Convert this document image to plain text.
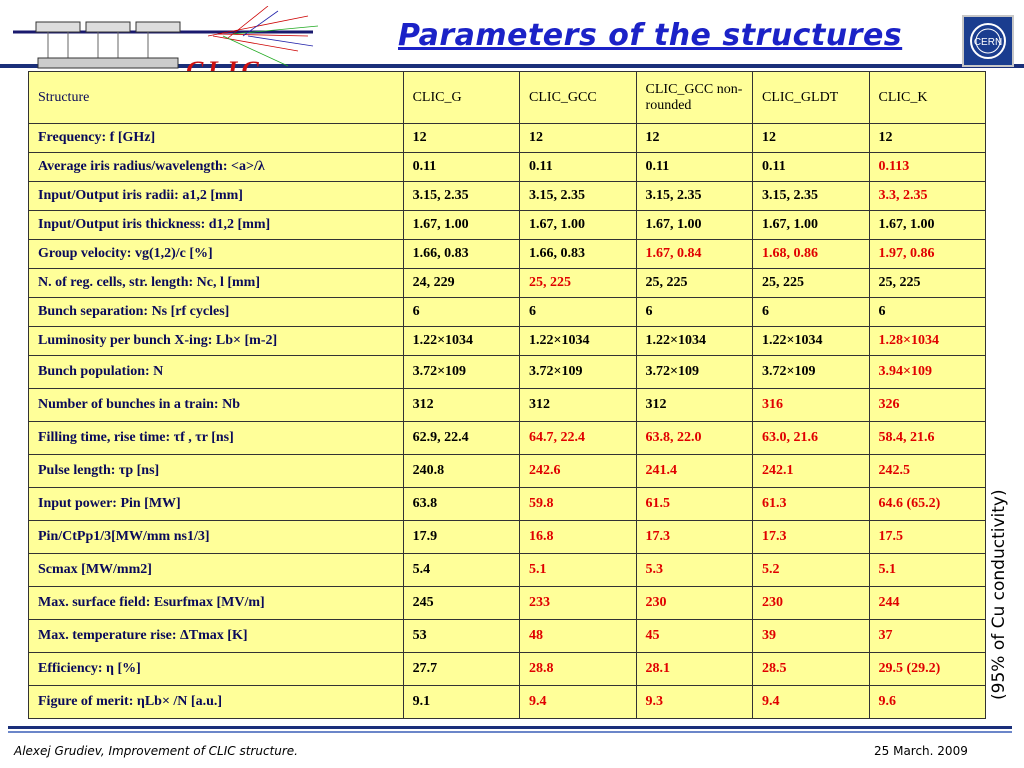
Parameters of the structures	CERN
Structure	CLIC_G	CLIC_GCC	CLIC_GCC non-rounded	CLIC_GLDT	CLIC_K
Frequency: f [GHz]	12	12	12	12	12
Average iris radius/wavelength: <a>/λ	0.11	0.11	0.11	0.11	0.113
Input/Output iris radii: a1,2 [mm]	3.15, 2.35	3.15, 2.35	3.15, 2.35	3.15, 2.35	3.3, 2.35
Input/Output iris thickness: d1,2 [mm]	1.67, 1.00	1.67, 1.00	1.67, 1.00	1.67, 1.00	1.67, 1.00
Group velocity: vg(1,2)/c [%]	1.66, 0.83	1.66, 0.83	1.67, 0.84	1.68, 0.86	1.97, 0.86
N. of reg. cells, str. length: Nc, l [mm]	24, 229	25, 225	25, 225	25, 225	25, 225
Bunch separation: Ns [rf cycles]	6	6	6	6	6
Luminosity per bunch X-ing: Lb× [m-2]	1.22×1034	1.22×1034	1.22×1034	1.22×1034	1.28×1034
Bunch population: N	3.72×109	3.72×109	3.72×109	3.72×109	3.94×109
Number of bunches in a train: Nb	312	312	312	316	326
Filling time, rise time: τf , τr [ns]	62.9, 22.4	64.7, 22.4	63.8, 22.0	63.0, 21.6	58.4, 21.6
Pulse length: τp [ns]	240.8	242.6	241.4	242.1	242.5
Input power: Pin [MW]	63.8	59.8	61.5	61.3	64.6 (65.2)
Pin/CtPp1/3[MW/mm ns1/3]	17.9	16.8	17.3	17.3	17.5
Scmax [MW/mm2]	5.4	5.1	5.3	5.2	5.1
Max. surface field: Esurfmax [MV/m]	245	233	230	230	244
Max. temperature rise: ΔTmax [K]	53	48	45	39	37
Efficiency: η [%]	27.7	28.8	28.1	28.5	29.5 (29.2)
Figure of merit: ηLb× /N [a.u.]	9.1	9.4	9.3	9.4	9.6
(95% of Cu conductivity)
Alexej Grudiev, Improvement of CLIC structure.	25 March. 2009
